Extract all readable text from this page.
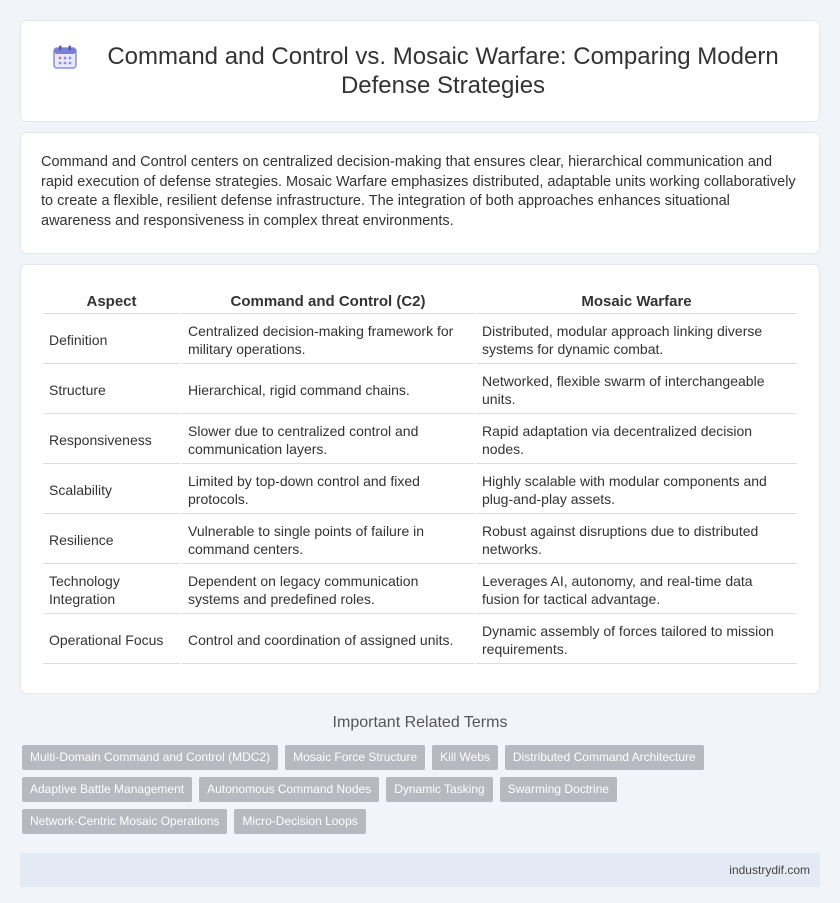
Command and Control vs. Mosaic Warfare: Comparing Modern Defense Strategies

Command and Control centers on centralized decision-making that ensures clear, hierarchical communication and rapid execution of defense strategies. Mosaic Warfare emphasizes distributed, adaptable units working collaboratively to create a flexible, resilient defense infrastructure. The integration of both approaches enhances situational awareness and responsiveness in complex threat environments.

Aspect	Command and Control (C2)	Mosaic Warfare
Definition	Centralized decision-making framework for military operations.	Distributed, modular approach linking diverse systems for dynamic combat.
Structure	Hierarchical, rigid command chains.	Networked, flexible swarm of interchangeable units.
Responsiveness	Slower due to centralized control and communication layers.	Rapid adaptation via decentralized decision nodes.
Scalability	Limited by top-down control and fixed protocols.	Highly scalable with modular components and plug-and-play assets.
Resilience	Vulnerable to single points of failure in command centers.	Robust against disruptions due to distributed networks.
Technology Integration	Dependent on legacy communication systems and predefined roles.	Leverages AI, autonomy, and real-time data fusion for tactical advantage.
Operational Focus	Control and coordination of assigned units.	Dynamic assembly of forces tailored to mission requirements.
Important Related Terms
Multi-Domain Command and Control (MDC2)	Mosaic Force Structure	Kill Webs	Distributed Command Architecture
Adaptive Battle Management	Autonomous Command Nodes	Dynamic Tasking	Swarming Doctrine
Network-Centric Mosaic Operations	Micro-Decision Loops
industrydif.com
